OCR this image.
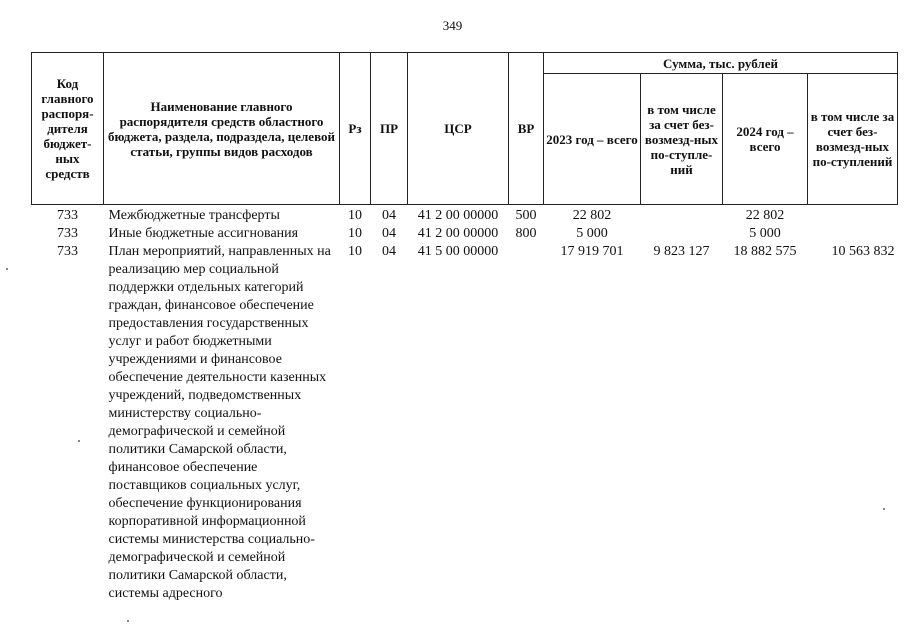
349
Код главного распоря-дителя бюджет-ных средств	Наименование главного распорядителя средств областного бюджета, раздела, подраздела, целевой статьи, группы видов расходов	Рз	ПР	ЦСР	ВР	Сумма, тыс. рублей			
						2023 год – всего	в том числе за счет без-возмезд-ных по-ступле-ний	2024 год – всего	в том числе за счет без-возмезд-ных по-ступлений
733	Межбюджетные трансферты	10	04	41 2 00 00000	500	22 802		22 802	
733	Иные бюджетные ассигнования	10	04	41 2 00 00000	800	5 000		5 000	
733	План мероприятий, направленных на реализацию мер социальной поддержки отдельных категорий граждан, финансовое обеспечение предоставления государственных услуг и работ бюджетными учреждениями и финансовое обеспечение деятельности казенных учреждений, подведомственных министерству социально-демографической и семейной политики Самарской области, финансовое обеспечение поставщиков социальных услуг, обеспечение функционирования корпоративной информационной системы министерства социально-демографической и семейной политики Самарской области, системы адресного	10	04	41 5 00 00000		17 919 701	9 823 127	18 882 575	10 563 832
